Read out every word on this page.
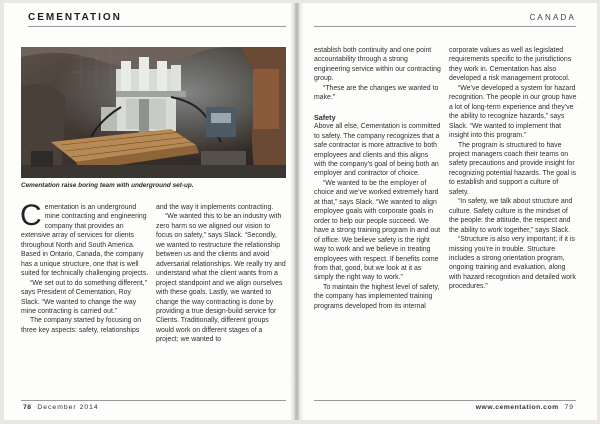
CEMENTATION	CANADA
Cementation raise boring team with underground set-up.

Cementation is an underground mine contracting and engineering company that provides an extensive array of services for clients throughout North and South America. Based in Ontario, Canada, the company has a unique structure, one that is well suited for technically challenging projects.

“We set out to do something different,” says President of Cementation, Roy Slack. “We wanted to change the way mine contracting is carried out.”

The company started by focusing on three key aspects: safety, relationships

and the way it implements contracting.

“We wanted this to be an industry with zero harm so we aligned our vision to focus on safety,” says Slack. “Secondly, we wanted to restructure the relationship between us and the clients and avoid adversarial relationships. We really try and understand what the client wants from a project standpoint and we align ourselves with these goals. Lastly, we wanted to change the way contracting is done by providing a true design-build service for Clients. Traditionally, different groups would work on different stages of a project; we wanted to

establish both continuity and one point accountability through a strong engineering service within our contracting group.

“These are the changes we wanted to make.”

Safety

Above all else, Cementation is committed to safety. The company recognizes that a safe contractor is more attractive to both employees and clients and this aligns with the company’s goal of being both an employer and contractor of choice.

“We wanted to be the employer of choice and we’ve worked extremely hard at that,” says Slack. “We wanted to align employee goals with corporate goals in order to help our people succeed. We have a strong training program in and out of office. We believe safety is the right way to work and we believe in treating employees with respect. If benefits come from that, good, but we look at it as simply the right way to work.”

To maintain the highest level of safety, the company has implemented training programs developed from its internal

corporate values as well as legislated requirements specific to the jurisdictions they work in. Cementation has also developed a risk management protocol.

“We’ve developed a system for hazard recognition. The people in our group have a lot of long-term experience and they’ve the ability to recognize hazards,” says Slack. “We wanted to implement that insight into this program.”

The program is structured to have project managers coach their teams on safety precautions and provide insight for recognizing potential hazards. The goal is to establish and support a culture of safety.

“In safety, we talk about structure and culture. Safety culture is the mindset of the people: the attitude, the respect and the ability to work together,” says Slack.

“Structure is also very important; if it is missing you’re in trouble. Structure includes a strong orientation program, ongoing training and evaluation, along with hazard recognition and detailed work procedures.”

78 December 2014	www.cementation.com 79
